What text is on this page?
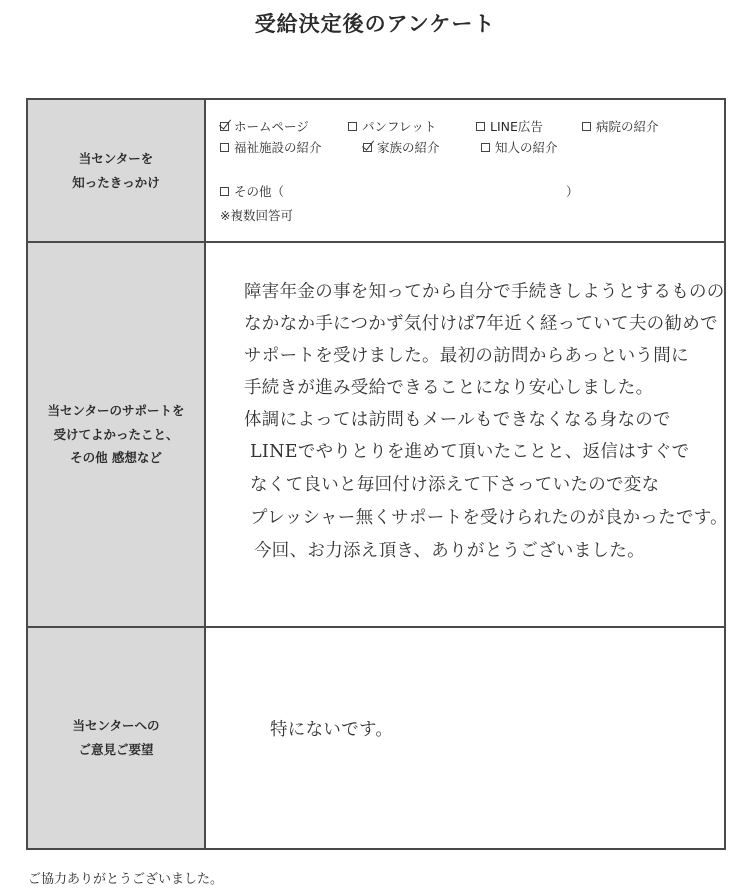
受給決定後のアンケート
当センターを
知ったきっかけ
ホームページ	パンフレット	LINE広告	病院の紹介
福祉施設の紹介	家族の紹介	知人の紹介
その他（	）
※複数回答可
当センターのサポートを
受けてよかったこと、
その他 感想など
障害年金の事を知ってから自分で手続きしようとするものの
なかなか手につかず気付けば7年近く経っていて夫の勧めで
サポートを受けました。最初の訪問からあっという間に
手続きが進み受給できることになり安心しました。
体調によっては訪問もメールもできなくなる身なので
LINEでやりとりを進めて頂いたことと、返信はすぐで
なくて良いと毎回付け添えて下さっていたので変な
プレッシャー無くサポートを受けられたのが良かったです。
今回、お力添え頂き、ありがとうございました。
当センターへの
ご意見ご要望
特にないです。
ご協力ありがとうございました。
